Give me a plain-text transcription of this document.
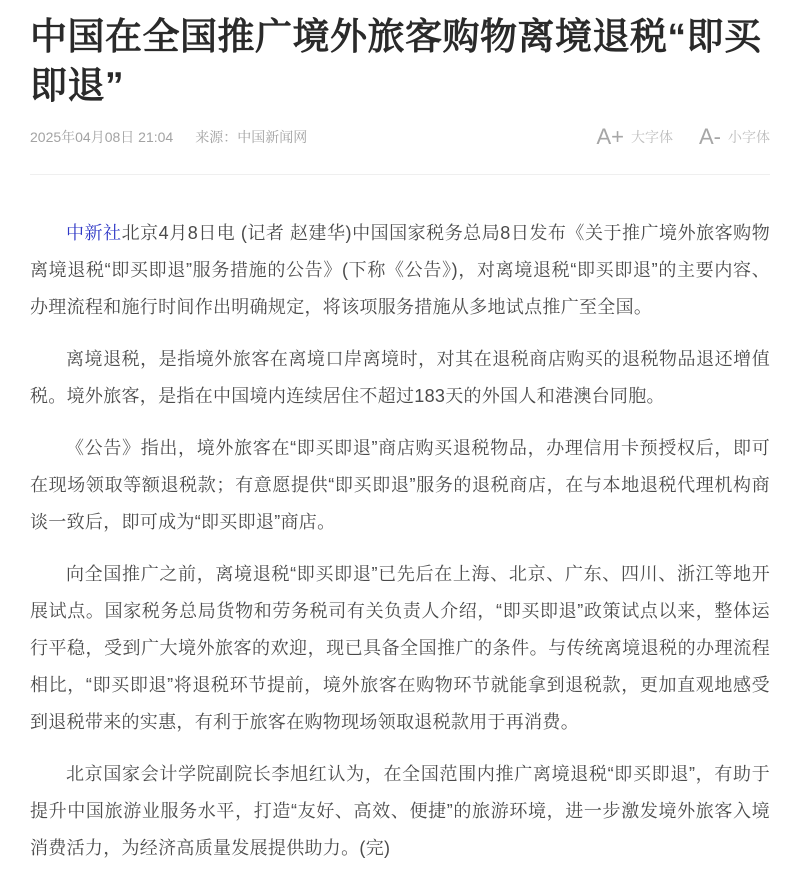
中国在全国推广境外旅客购物离境退税“即买即退”
2025年04月08日 21:04 来源：中国新闻网	A+ 大字体 A- 小字体

中新社北京4月8日电 (记者 赵建华)中国国家税务总局8日发布《关于推广境外旅客购物离境退税“即买即退”服务措施的公告》(下称《公告》)，对离境退税“即买即退”的主要内容、办理流程和施行时间作出明确规定，将该项服务措施从多地试点推广至全国。

离境退税，是指境外旅客在离境口岸离境时，对其在退税商店购买的退税物品退还增值税。境外旅客，是指在中国境内连续居住不超过183天的外国人和港澳台同胞。

《公告》指出，境外旅客在“即买即退”商店购买退税物品，办理信用卡预授权后，即可在现场领取等额退税款；有意愿提供“即买即退”服务的退税商店，在与本地退税代理机构商谈一致后，即可成为“即买即退”商店。

向全国推广之前，离境退税“即买即退”已先后在上海、北京、广东、四川、浙江等地开展试点。国家税务总局货物和劳务税司有关负责人介绍，“即买即退”政策试点以来，整体运行平稳，受到广大境外旅客的欢迎，现已具备全国推广的条件。与传统离境退税的办理流程相比，“即买即退”将退税环节提前，境外旅客在购物环节就能拿到退税款，更加直观地感受到退税带来的实惠，有利于旅客在购物现场领取退税款用于再消费。

北京国家会计学院副院长李旭红认为，在全国范围内推广离境退税“即买即退”，有助于提升中国旅游业服务水平，打造“友好、高效、便捷”的旅游环境，进一步激发境外旅客入境消费活力，为经济高质量发展提供助力。(完)
